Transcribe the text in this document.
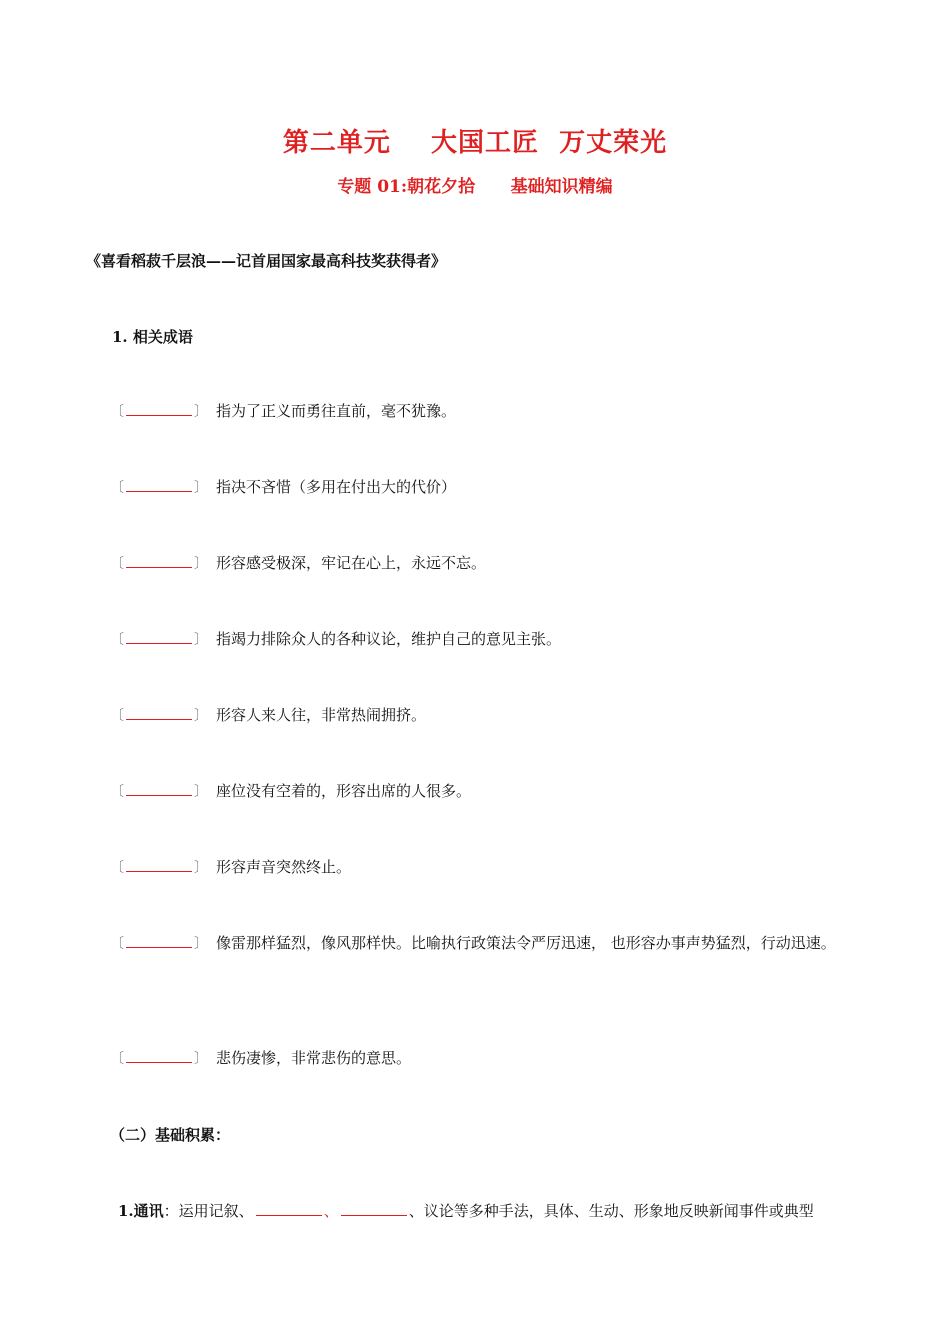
第二单元    大国工匠  万丈荣光
专题 01:朝花夕拾      基础知识精编
《喜看稻菽千层浪——记首届国家最高科技奖获得者》
1. 相关成语
〔	〕 指为了正义而勇往直前，毫不犹豫。
〔	〕 指决不吝惜（多用在付出大的代价）
〔	〕 形容感受极深，牢记在心上，永远不忘。
〔	〕 指竭力排除众人的各种议论，维护自己的意见主张。
〔	〕 形容人来人往，非常热闹拥挤。
〔	〕 座位没有空着的，形容出席的人很多。
〔	〕 形容声音突然终止。
〔	〕 像雷那样猛烈，像风那样快。比喻执行政策法令严厉迅速， 也形容办事声势猛烈，行动迅速。
〔	〕 悲伤凄惨，非常悲伤的意思。
（二）基础积累：
1.通讯：运用记叙、	、	、议论等多种手法，具体、生动、形象地反映新闻事件或典型
